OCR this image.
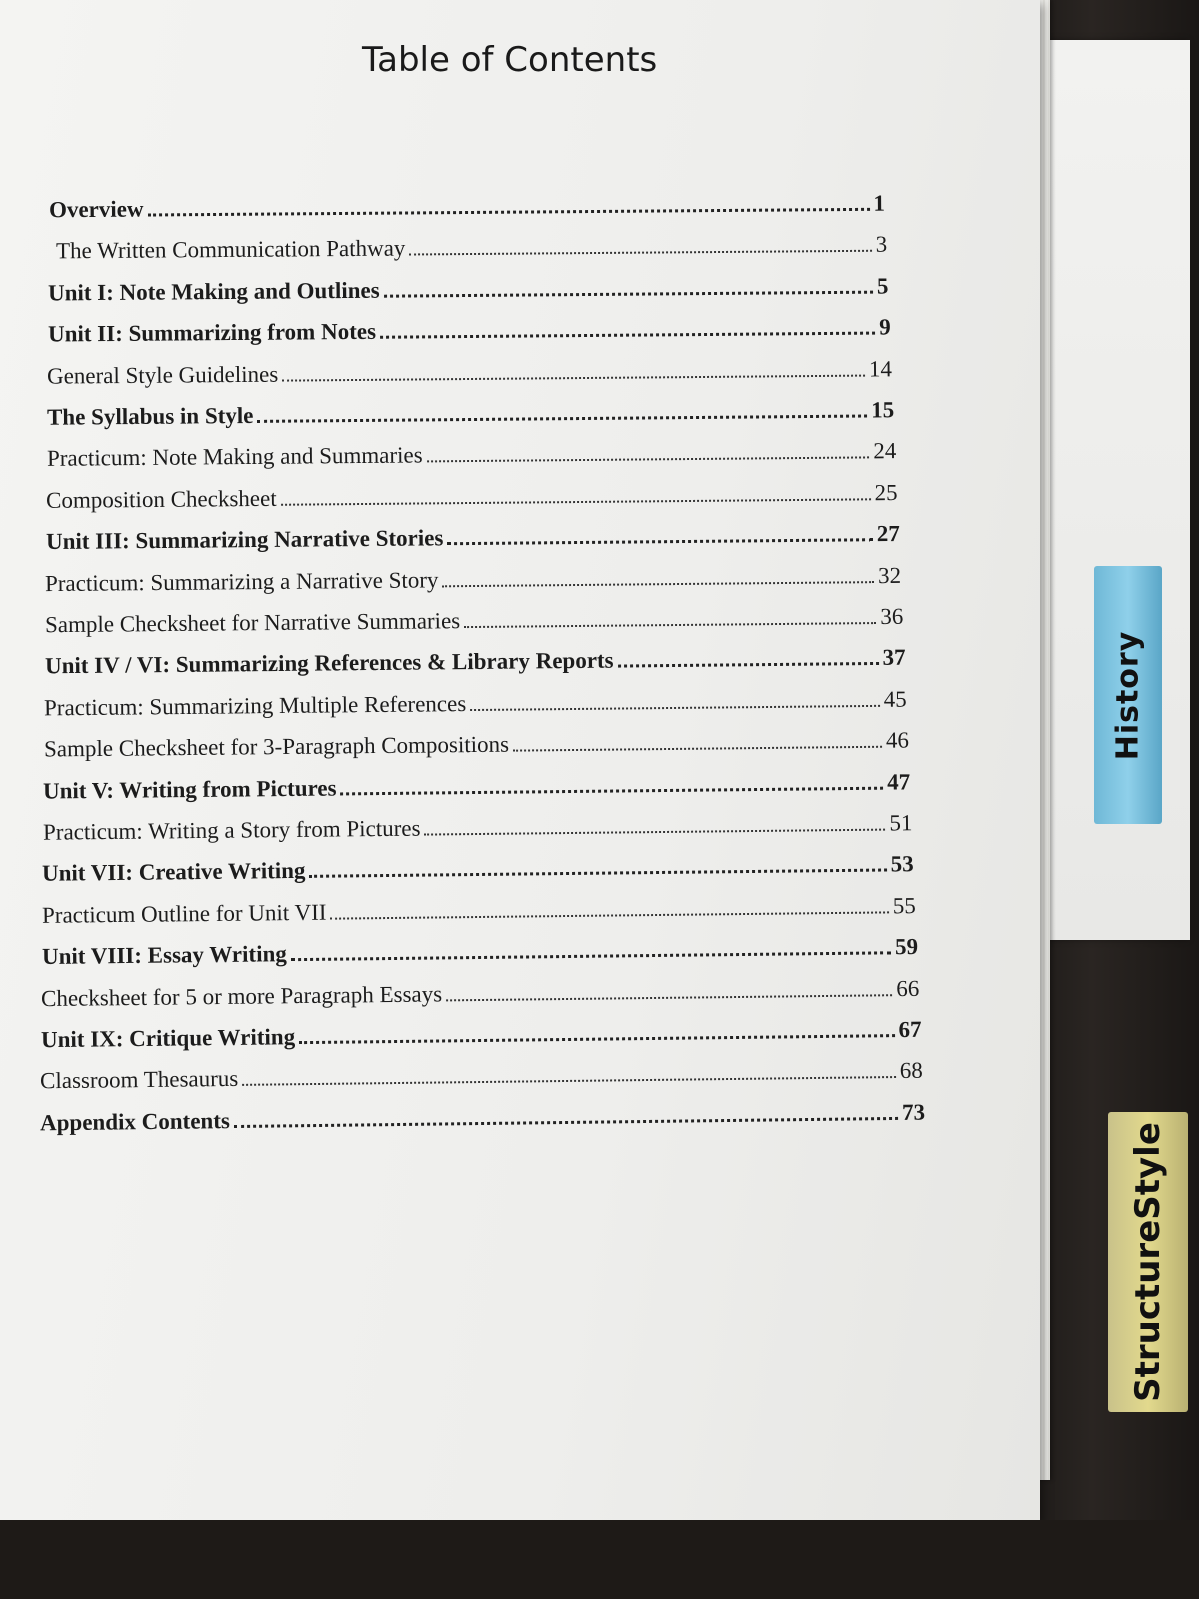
History
StructureStyle
Table of Contents
Overview	1
The Written Communication Pathway	3
Unit I: Note Making and Outlines	5
Unit II: Summarizing from Notes	9
General Style Guidelines	14
The Syllabus in Style	15
Practicum: Note Making and Summaries	24
Composition Checksheet	25
Unit III: Summarizing Narrative Stories	27
Practicum: Summarizing a Narrative Story	32
Sample Checksheet for Narrative Summaries	36
Unit IV / VI: Summarizing References & Library Reports	37
Practicum: Summarizing Multiple References	45
Sample Checksheet for 3-Paragraph Compositions	46
Unit V: Writing from Pictures	47
Practicum: Writing a Story from Pictures	51
Unit VII: Creative Writing	53
Practicum Outline for Unit VII	55
Unit VIII: Essay Writing	59
Checksheet for 5 or more Paragraph Essays	66
Unit IX: Critique Writing	67
Classroom Thesaurus	68
Appendix Contents	73
